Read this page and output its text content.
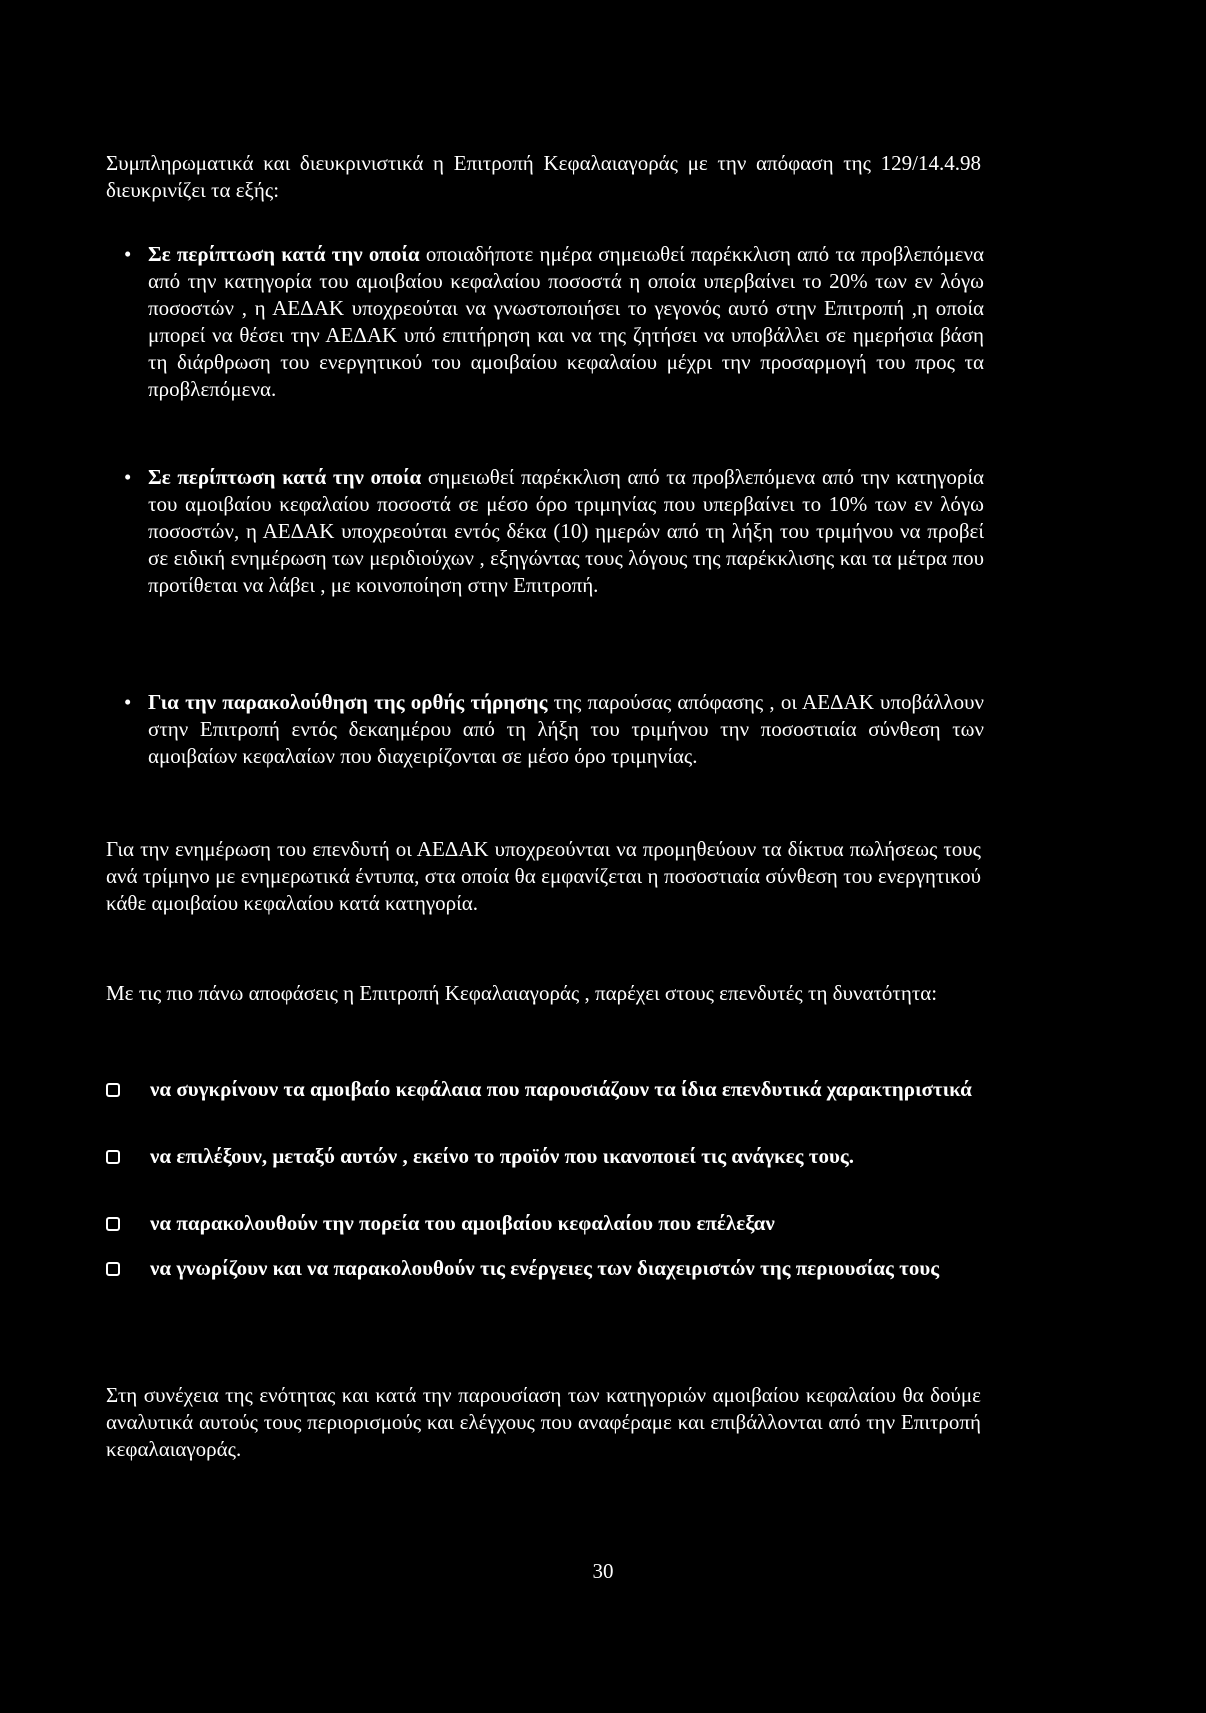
Συμπληρωματικά και διευκρινιστικά η Επιτροπή Κεφαλαιαγοράς με την απόφαση της 129/14.4.98 διευκρινίζει τα εξής:

• Σε περίπτωση κατά την οποία οποιαδήποτε ημέρα σημειωθεί παρέκκλιση από τα προβλεπόμενα από την κατηγορία του αμοιβαίου κεφαλαίου ποσοστά η οποία υπερβαίνει το 20% των εν λόγω ποσοστών , η ΑΕΔΑΚ υποχρεούται να γνωστοποιήσει το γεγονός αυτό στην Επιτροπή ,η οποία μπορεί να θέσει την ΑΕΔΑΚ υπό επιτήρηση και να της ζητήσει να υποβάλλει σε ημερήσια βάση τη διάρθρωση του ενεργητικού του αμοιβαίου κεφαλαίου μέχρι την προσαρμογή του προς τα προβλεπόμενα.

• Σε περίπτωση κατά την οποία σημειωθεί παρέκκλιση από τα προβλεπόμενα από την κατηγορία του αμοιβαίου κεφαλαίου ποσοστά σε μέσο όρο τριμηνίας που υπερβαίνει το 10% των εν λόγω ποσοστών, η ΑΕΔΑΚ υποχρεούται εντός δέκα (10) ημερών από τη λήξη του τριμήνου να προβεί σε ειδική ενημέρωση των μεριδιούχων , εξηγώντας τους λόγους της παρέκκλισης και τα μέτρα που προτίθεται να λάβει , με κοινοποίηση στην Επιτροπή.

• Για την παρακολούθηση της ορθής τήρησης της παρούσας απόφασης , οι ΑΕΔΑΚ υποβάλλουν στην Επιτροπή εντός δεκαημέρου από τη λήξη του τριμήνου την ποσοστιαία σύνθεση των αμοιβαίων κεφαλαίων που διαχειρίζονται σε μέσο όρο τριμηνίας.

Για την ενημέρωση του επενδυτή οι ΑΕΔΑΚ υποχρεούνται να προμηθεύουν τα δίκτυα πωλήσεως τους ανά τρίμηνο με ενημερωτικά έντυπα, στα οποία θα εμφανίζεται η ποσοστιαία σύνθεση του ενεργητικού κάθε αμοιβαίου κεφαλαίου κατά κατηγορία.

Με τις πιο πάνω αποφάσεις η Επιτροπή Κεφαλαιαγοράς , παρέχει στους επενδυτές τη δυνατότητα:

να συγκρίνουν τα αμοιβαίο κεφάλαια που παρουσιάζουν τα ίδια επενδυτικά χαρακτηριστικά

να επιλέξουν, μεταξύ αυτών , εκείνο το προϊόν που ικανοποιεί τις ανάγκες τους.

να παρακολουθούν την πορεία του αμοιβαίου κεφαλαίου που επέλεξαν

να γνωρίζουν και να παρακολουθούν τις ενέργειες των διαχειριστών της περιουσίας τους

Στη συνέχεια της ενότητας και κατά την παρουσίαση των κατηγοριών αμοιβαίου κεφαλαίου θα δούμε αναλυτικά αυτούς τους περιορισμούς και ελέγχους που αναφέραμε και επιβάλλονται από την Επιτροπή κεφαλαιαγοράς.

30
